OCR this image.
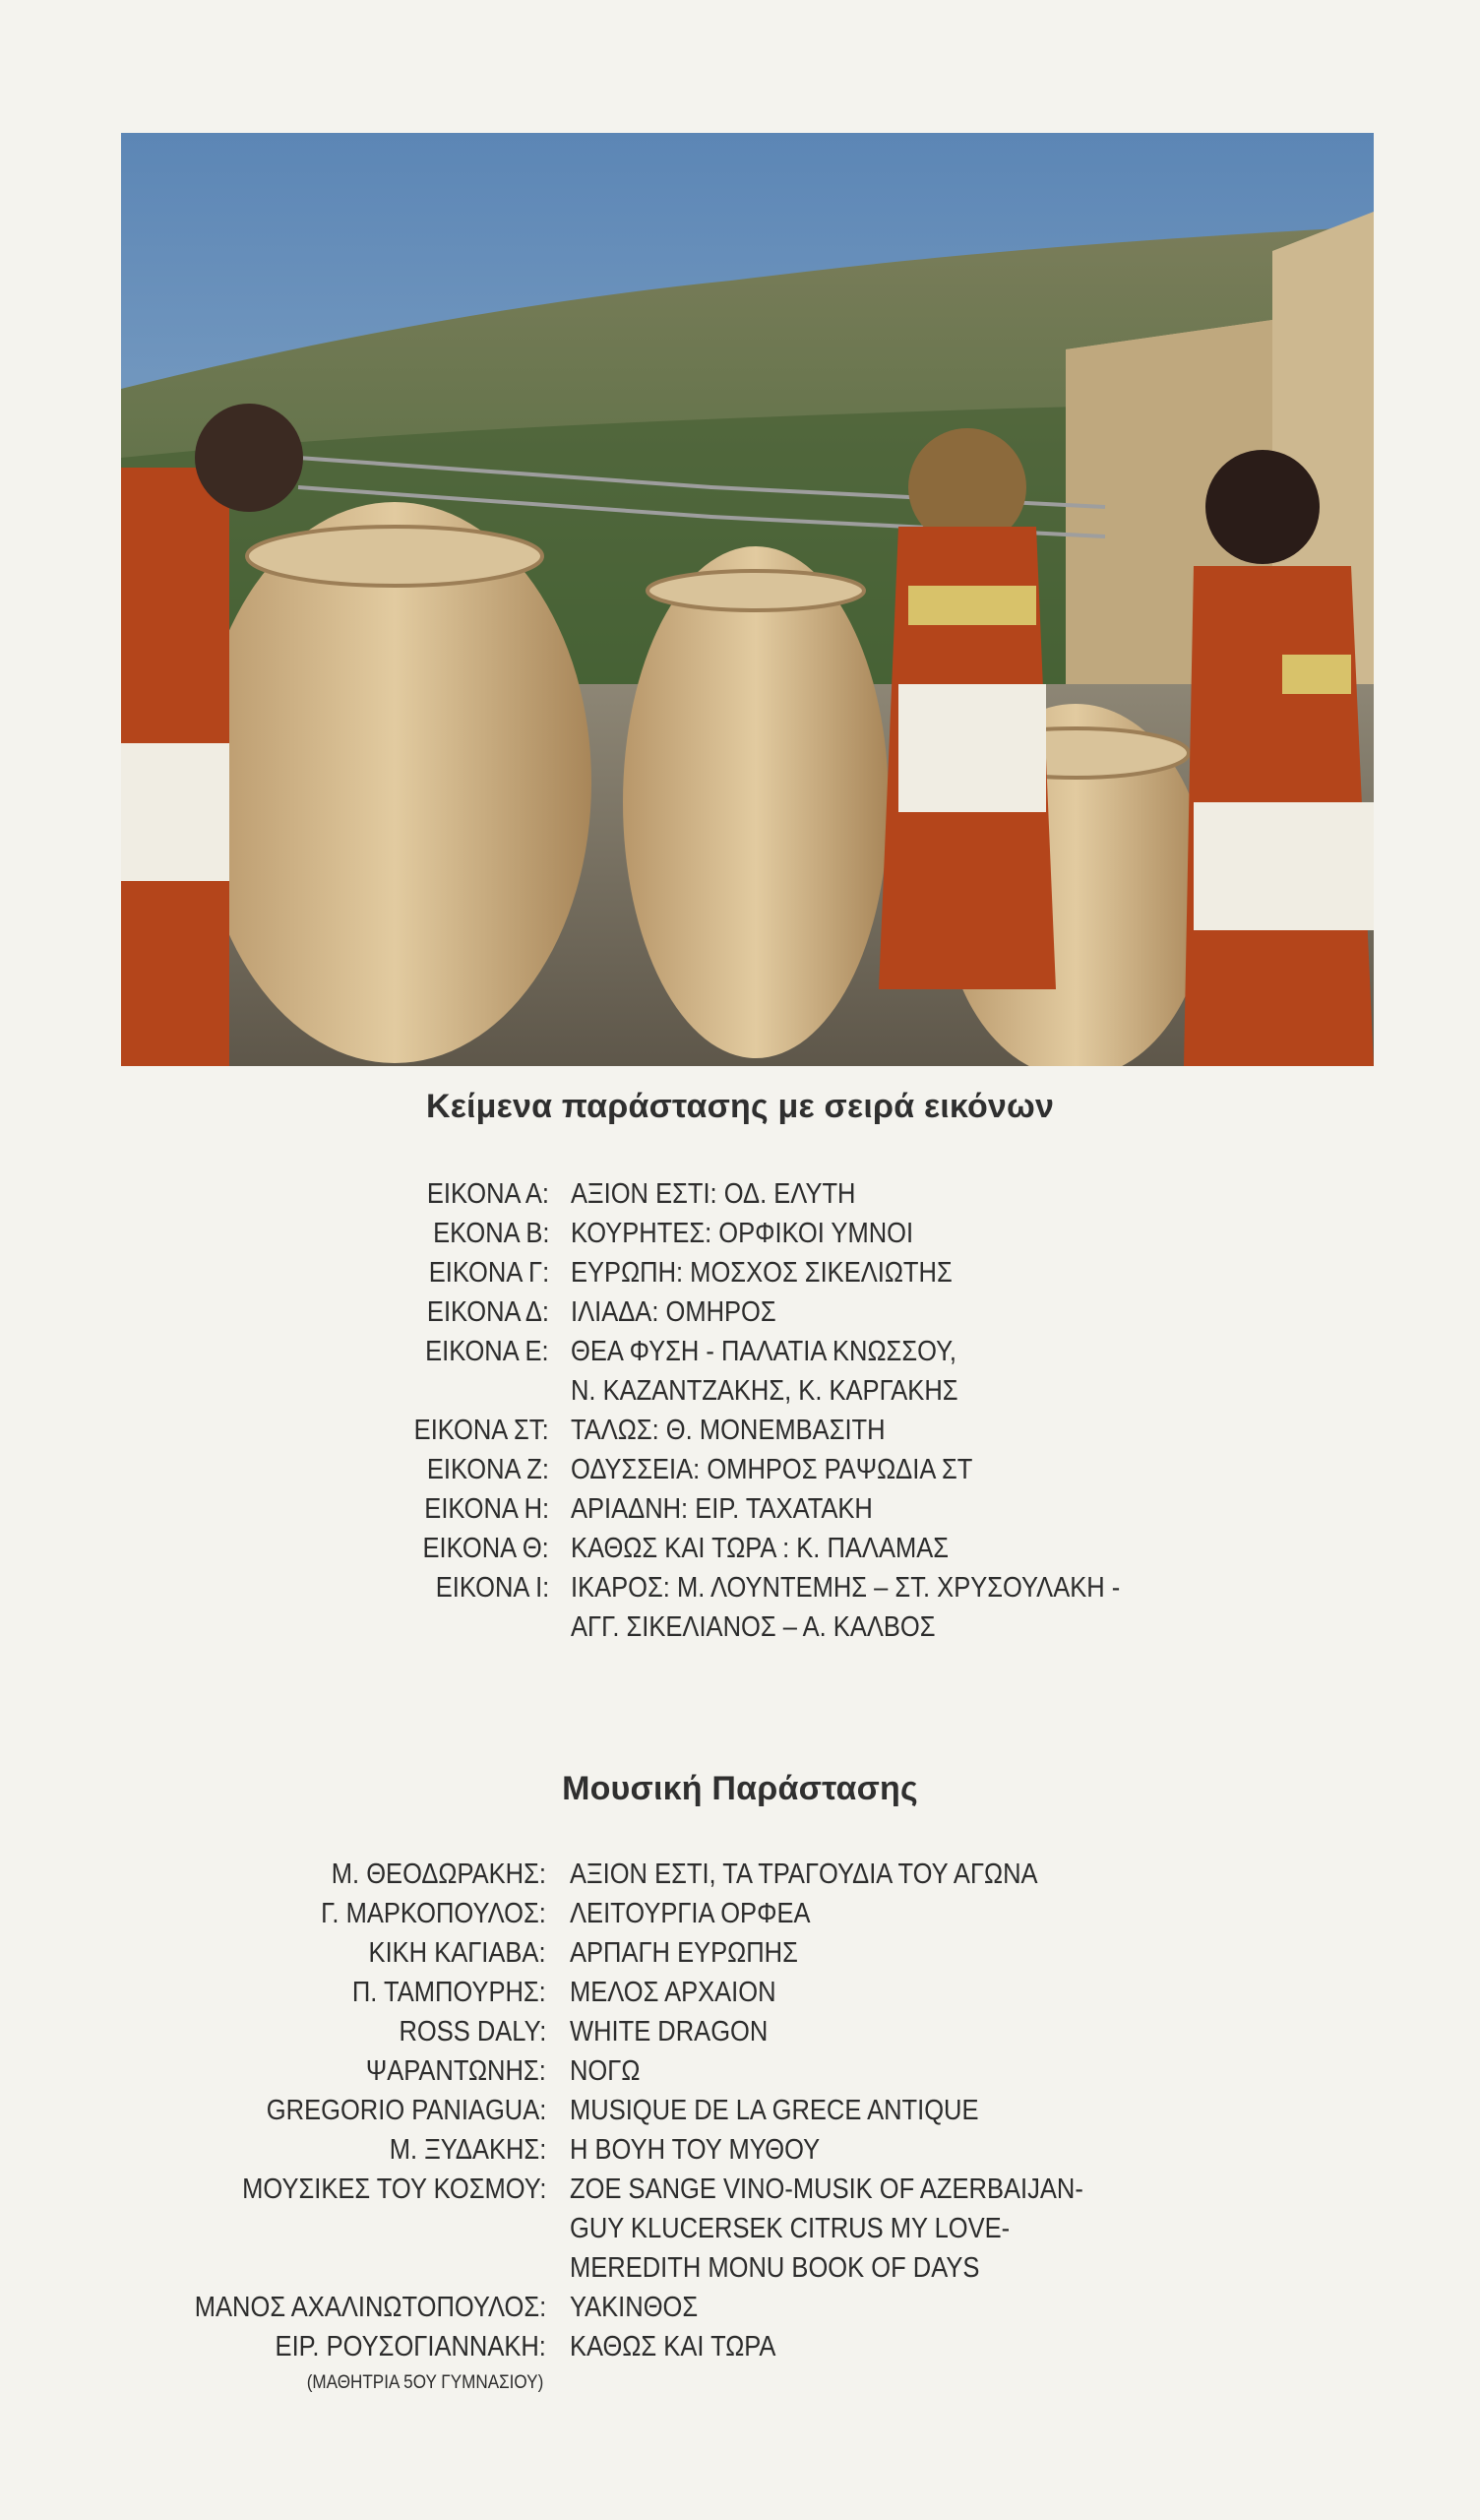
Κείμενα παράστασης με σειρά εικόνων
ΕΙΚΟΝΑ Α: ΑΞΙΟΝ ΕΣΤΙ: ΟΔ. ΕΛΥΤΗ
ΕΚΟΝΑ Β: ΚΟΥΡΗΤΕΣ: ΟΡΦΙΚΟΙ ΥΜΝΟΙ
ΕΙΚΟΝΑ Γ: ΕΥΡΩΠΗ: ΜΟΣΧΟΣ ΣΙΚΕΛΙΩΤΗΣ
ΕΙΚΟΝΑ Δ: ΙΛΙΑΔΑ: ΟΜΗΡΟΣ
ΕΙΚΟΝΑ Ε: ΘΕΑ ΦΥΣΗ - ΠΑΛΑΤΙΑ ΚΝΩΣΣΟΥ,
Ν. ΚΑΖΑΝΤΖΑΚΗΣ, Κ. ΚΑΡΓΑΚΗΣ
ΕΙΚΟΝΑ ΣΤ: ΤΑΛΩΣ: Θ. ΜΟΝΕΜΒΑΣΙΤΗ
ΕΙΚΟΝΑ Ζ: ΟΔΥΣΣΕΙΑ: ΟΜΗΡΟΣ ΡΑΨΩΔΙΑ ΣΤ
ΕΙΚΟΝΑ Η: ΑΡΙΑΔΝΗ: ΕΙΡ. ΤΑΧΑΤΑΚΗ
ΕΙΚΟΝΑ Θ: ΚΑΘΩΣ ΚΑΙ ΤΩΡΑ : Κ. ΠΑΛΑΜΑΣ
ΕΙΚΟΝΑ Ι: ΙΚΑΡΟΣ: Μ. ΛΟΥΝΤΕΜΗΣ – ΣΤ. ΧΡΥΣΟΥΛΑΚΗ -
ΑΓΓ. ΣΙΚΕΛΙΑΝΟΣ – Α. ΚΑΛΒΟΣ
Μουσική Παράστασης
Μ. ΘΕΟΔΩΡΑΚΗΣ: ΑΞΙΟΝ ΕΣΤΙ, ΤΑ ΤΡΑΓΟΥΔΙΑ ΤΟΥ ΑΓΩΝΑ
Γ. ΜΑΡΚΟΠΟΥΛΟΣ: ΛΕΙΤΟΥΡΓΙΑ ΟΡΦΕΑ
ΚΙΚΗ ΚΑΓΙΑΒΑ: ΑΡΠΑΓΗ ΕΥΡΩΠΗΣ
Π. ΤΑΜΠΟΥΡΗΣ: ΜΕΛΟΣ ΑΡΧΑΙΟΝ
ROSS DALY: WHITE DRAGON
ΨΑΡΑΝΤΩΝΗΣ: ΝΟΓΩ
GREGORIO PANIAGUA: MUSIQUE DE LA GRECE ANTIQUE
Μ. ΞΥΔΑΚΗΣ: Η ΒΟΥΗ ΤΟΥ ΜΥΘΟΥ
ΜΟΥΣΙΚΕΣ ΤΟΥ ΚΟΣΜΟΥ: ZOE SANGE VINO-MUSIK OF AZERBAIJAN-
GUY KLUCERSEK CITRUS MY LOVE-
MEREDITH MONU BOOK OF DAYS
ΜΑΝΟΣ ΑΧΑΛΙΝΩΤΟΠΟΥΛΟΣ: ΥΑΚΙΝΘΟΣ
ΕΙΡ. ΡΟΥΣΟΓΙΑΝΝΑΚΗ: ΚΑΘΩΣ ΚΑΙ ΤΩΡΑ
(ΜΑΘΗΤΡΙΑ 5ΟΥ ΓΥΜΝΑΣΙΟΥ)
